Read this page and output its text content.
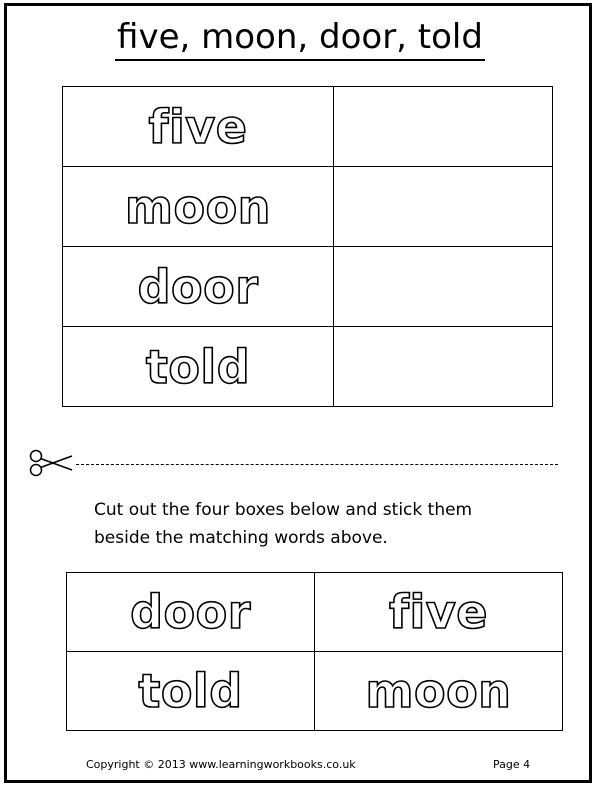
five, moon, door, told
five	
moon	
door	
told	
Cut out the four boxes below and stick them
beside the matching words above.
door	five
told	moon
Copyright © 2013 www.learningworkbooks.co.uk	Page 4
